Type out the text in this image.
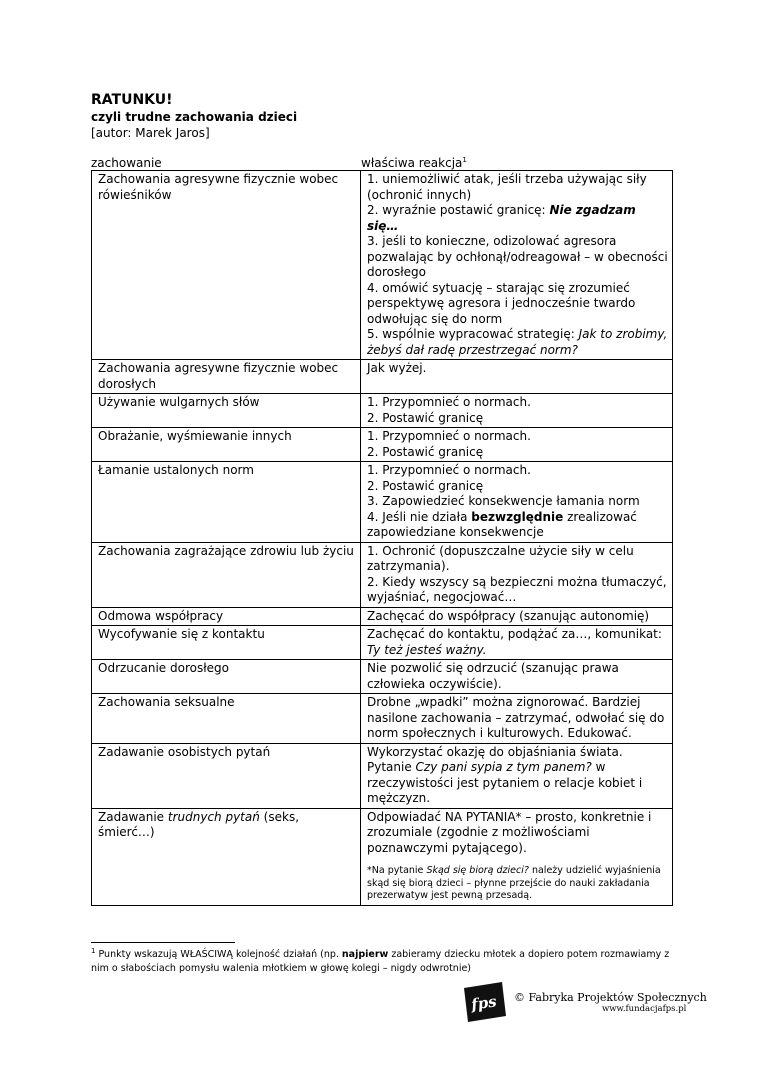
RATUNKU!
czyli trudne zachowania dzieci
[autor: Marek Jaros]
zachowanie	właściwa reakcja$^1$
Zachowania agresywne fizycznie wobec rówieśników	1. uniemożliwić atak, jeśli trzeba używając siły (ochronić innych)
2. wyraźnie postawić granicę: Nie zgadzam się…
3. jeśli to konieczne, odizolować agresora pozwalając by ochłonął/odreagował – w obecności dorosłego
4. omówić sytuację – starając się zrozumieć perspektywę agresora i jednocześnie twardo odwołując się do norm
5. wspólnie wypracować strategię: Jak to zrobimy, żebyś dał radę przestrzegać norm?

Zachowania agresywne fizycznie wobec dorosłych	Jak wyżej.
Używanie wulgarnych słów	1. Przypomnieć o normach.
2. Postawić granicę

Obrażanie, wyśmiewanie innych	1. Przypomnieć o normach.
2. Postawić granicę

Łamanie ustalonych norm	1. Przypomnieć o normach.
2. Postawić granicę
3. Zapowiedzieć konsekwencje łamania norm
4. Jeśli nie działa bezwzględnie zrealizować zapowiedziane konsekwencje

Zachowania zagrażające zdrowiu lub życiu	1. Ochronić (dopuszczalne użycie siły w celu zatrzymania).
2. Kiedy wszyscy są bezpieczni można tłumaczyć, wyjaśniać, negocjować…

Odmowa współpracy	Zachęcać do współpracy (szanując autonomię)
Wycofywanie się z kontaktu	Zachęcać do kontaktu, podążać za…, komunikat: Ty też jesteś ważny.
Odrzucanie dorosłego	Nie pozwolić się odrzucić (szanując prawa człowieka oczywiście).
Zachowania seksualne	Drobne „wpadki” można zignorować. Bardziej nasilone zachowania – zatrzymać, odwołać się do norm społecznych i kulturowych. Edukować.
Zadawanie osobistych pytań	Wykorzystać okazję do objaśniania świata. Pytanie Czy pani sypia z tym panem? w rzeczywistości jest pytaniem o relacje kobiet i mężczyzn.
Zadawanie trudnych pytań (seks, śmierć…)	Odpowiadać NA PYTANIA* – prosto, konkretnie i zrozumiale (zgodnie z możliwościami poznawczymi pytającego).
*Na pytanie Skąd się biorą dzieci? należy udzielić wyjaśnienia skąd się biorą dzieci – płynne przejście do nauki zakładania prezerwatyw jest pewną przesadą.
$^1$ Punkty wskazują WŁAŚCIWĄ kolejność działań (np. najpierw zabieramy dziecku młotek a dopiero potem rozmawiamy z nim o słabościach pomysłu walenia młotkiem w głowę kolegi – nigdy odwrotnie)
fps © Fabryka Projektów Społecznych
www.fundacjafps.pl
